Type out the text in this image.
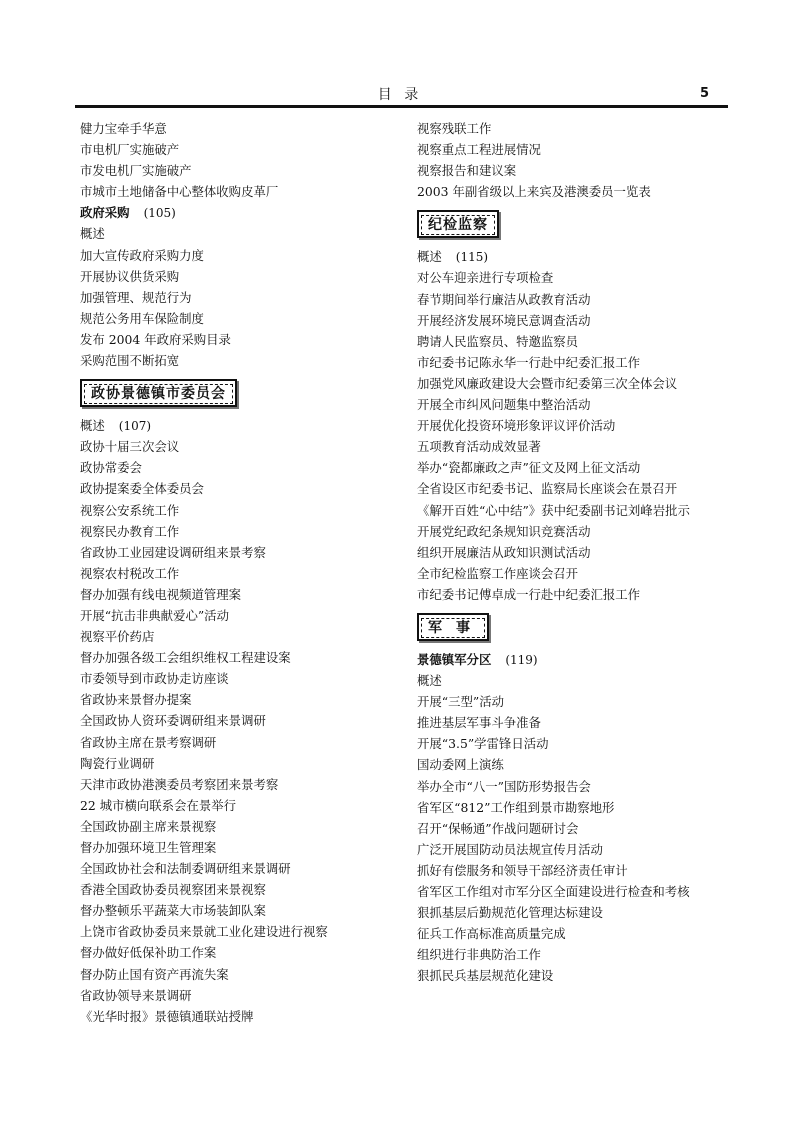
目 录	5
健力宝牵手华意
市电机厂实施破产
市发电机厂实施破产
市城市土地储备中心整体收购皮革厂
政府采购 (105)
概述
加大宣传政府采购力度
开展协议供货采购
加强管理、规范行为
规范公务用车保险制度
发布 2004 年政府采购目录
采购范围不断拓宽
政协景德镇市委员会
概述 (107)
政协十届三次会议
政协常委会
政协提案委全体委员会
视察公安系统工作
视察民办教育工作
省政协工业园建设调研组来景考察
视察农村税改工作
督办加强有线电视频道管理案
开展“抗击非典献爱心”活动
视察平价药店
督办加强各级工会组织维权工程建设案
市委领导到市政协走访座谈
省政协来景督办提案
全国政协人资环委调研组来景调研
省政协主席在景考察调研
陶瓷行业调研
天津市政协港澳委员考察团来景考察
22 城市横向联系会在景举行
全国政协副主席来景视察
督办加强环境卫生管理案
全国政协社会和法制委调研组来景调研
香港全国政协委员视察团来景视察
督办整顿乐平蔬菜大市场装卸队案
上饶市省政协委员来景就工业化建设进行视察
督办做好低保补助工作案
督办防止国有资产再流失案
省政协领导来景调研
《光华时报》景德镇通联站授牌
视察残联工作
视察重点工程进展情况
视察报告和建议案
2003 年副省级以上来宾及港澳委员一览表
纪检监察
概述 (115)
对公车迎亲进行专项检查
春节期间举行廉洁从政教育活动
开展经济发展环境民意调查活动
聘请人民监察员、特邀监察员
市纪委书记陈永华一行赴中纪委汇报工作
加强党风廉政建设大会暨市纪委第三次全体会议
开展全市纠风问题集中整治活动
开展优化投资环境形象评议评价活动
五项教育活动成效显著
举办“瓷都廉政之声”征文及网上征文活动
全省设区市纪委书记、监察局长座谈会在景召开
《解开百姓“心中结”》获中纪委副书记刘峰岩批示
开展党纪政纪条规知识竞赛活动
组织开展廉洁从政知识测试活动
全市纪检监察工作座谈会召开
市纪委书记傅卓成一行赴中纪委汇报工作
军事
景德镇军分区 (119)
概述
开展“三型”活动
推进基层军事斗争准备
开展“3.5”学雷锋日活动
国动委网上演练
举办全市“八一”国防形势报告会
省军区“812”工作组到景市勘察地形
召开“保畅通”作战问题研讨会
广泛开展国防动员法规宣传月活动
抓好有偿服务和领导干部经济责任审计
省军区工作组对市军分区全面建设进行检查和考核
狠抓基层后勤规范化管理达标建设
征兵工作高标准高质量完成
组织进行非典防治工作
狠抓民兵基层规范化建设
